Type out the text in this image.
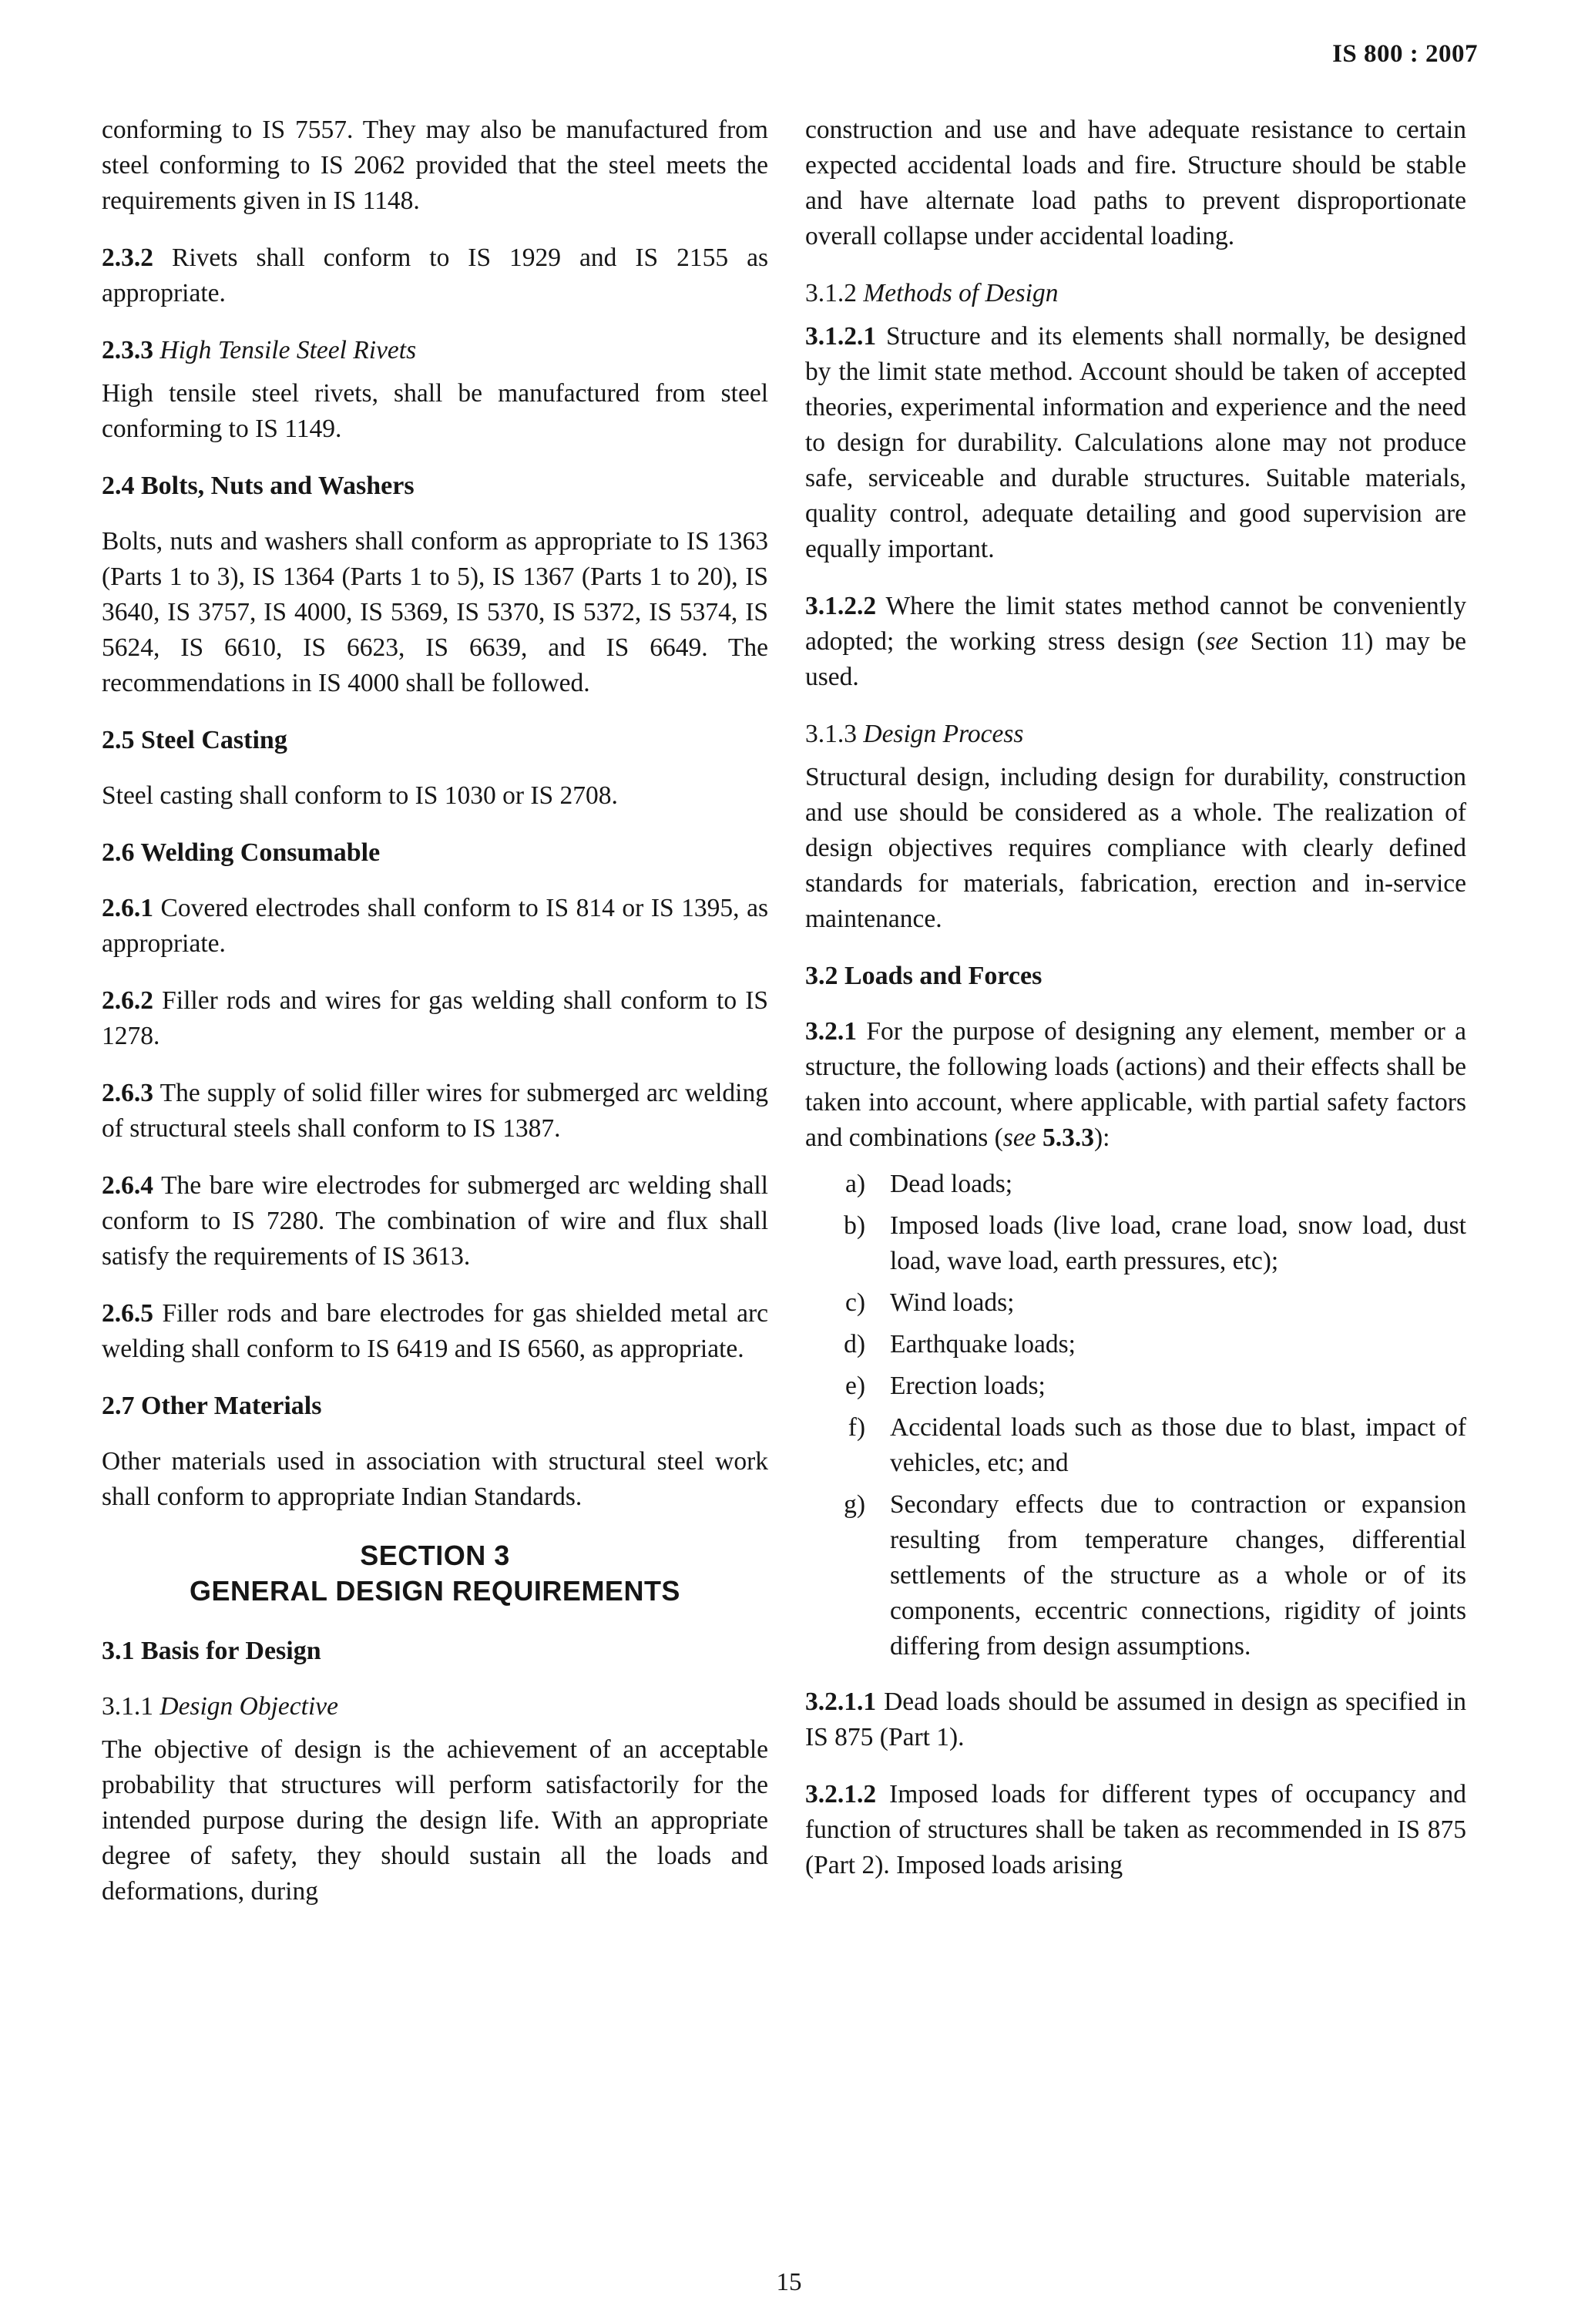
IS 800 : 2007

conforming to IS 7557. They may also be manufactured from steel conforming to IS 2062 provided that the steel meets the requirements given in IS 1148.

2.3.2 Rivets shall conform to IS 1929 and IS 2155 as appropriate.

2.3.3 High Tensile Steel Rivets

High tensile steel rivets, shall be manufactured from steel conforming to IS 1149.

2.4 Bolts, Nuts and Washers

Bolts, nuts and washers shall conform as appropriate to IS 1363 (Parts 1 to 3), IS 1364 (Parts 1 to 5), IS 1367 (Parts 1 to 20), IS 3640, IS 3757, IS 4000, IS 5369, IS 5370, IS 5372, IS 5374, IS 5624, IS 6610, IS 6623, IS 6639, and IS 6649. The recommendations in IS 4000 shall be followed.

2.5 Steel Casting

Steel casting shall conform to IS 1030 or IS 2708.

2.6 Welding Consumable

2.6.1 Covered electrodes shall conform to IS 814 or IS 1395, as appropriate.

2.6.2 Filler rods and wires for gas welding shall conform to IS 1278.

2.6.3 The supply of solid filler wires for submerged arc welding of structural steels shall conform to IS 1387.

2.6.4 The bare wire electrodes for submerged arc welding shall conform to IS 7280. The combination of wire and flux shall satisfy the requirements of IS 3613.

2.6.5 Filler rods and bare electrodes for gas shielded metal arc welding shall conform to IS 6419 and IS 6560, as appropriate.

2.7 Other Materials

Other materials used in association with structural steel work shall conform to appropriate Indian Standards.

SECTION 3
GENERAL DESIGN REQUIREMENTS
3.1 Basis for Design

3.1.1 Design Objective

The objective of design is the achievement of an acceptable probability that structures will perform satisfactorily for the intended purpose during the design life. With an appropriate degree of safety, they should sustain all the loads and deformations, during

construction and use and have adequate resistance to certain expected accidental loads and fire. Structure should be stable and have alternate load paths to prevent disproportionate overall collapse under accidental loading.

3.1.2 Methods of Design

3.1.2.1 Structure and its elements shall normally, be designed by the limit state method. Account should be taken of accepted theories, experimental information and experience and the need to design for durability. Calculations alone may not produce safe, serviceable and durable structures. Suitable materials, quality control, adequate detailing and good supervision are equally important.

3.1.2.2 Where the limit states method cannot be conveniently adopted; the working stress design (see Section 11) may be used.

3.1.3 Design Process

Structural design, including design for durability, construction and use should be considered as a whole. The realization of design objectives requires compliance with clearly defined standards for materials, fabrication, erection and in-service maintenance.

3.2 Loads and Forces

3.2.1 For the purpose of designing any element, member or a structure, the following loads (actions) and their effects shall be taken into account, where applicable, with partial safety factors and combinations (see 5.3.3):

a) Dead loads;
b) Imposed loads (live load, crane load, snow load, dust load, wave load, earth pressures, etc);
c) Wind loads;
d) Earthquake loads;
e) Erection loads;
f) Accidental loads such as those due to blast, impact of vehicles, etc; and
g) Secondary effects due to contraction or expansion resulting from temperature changes, differential settlements of the structure as a whole or of its components, eccentric connections, rigidity of joints differing from design assumptions.

3.2.1.1 Dead loads should be assumed in design as specified in IS 875 (Part 1).

3.2.1.2 Imposed loads for different types of occupancy and function of structures shall be taken as recommended in IS 875 (Part 2). Imposed loads arising

15
